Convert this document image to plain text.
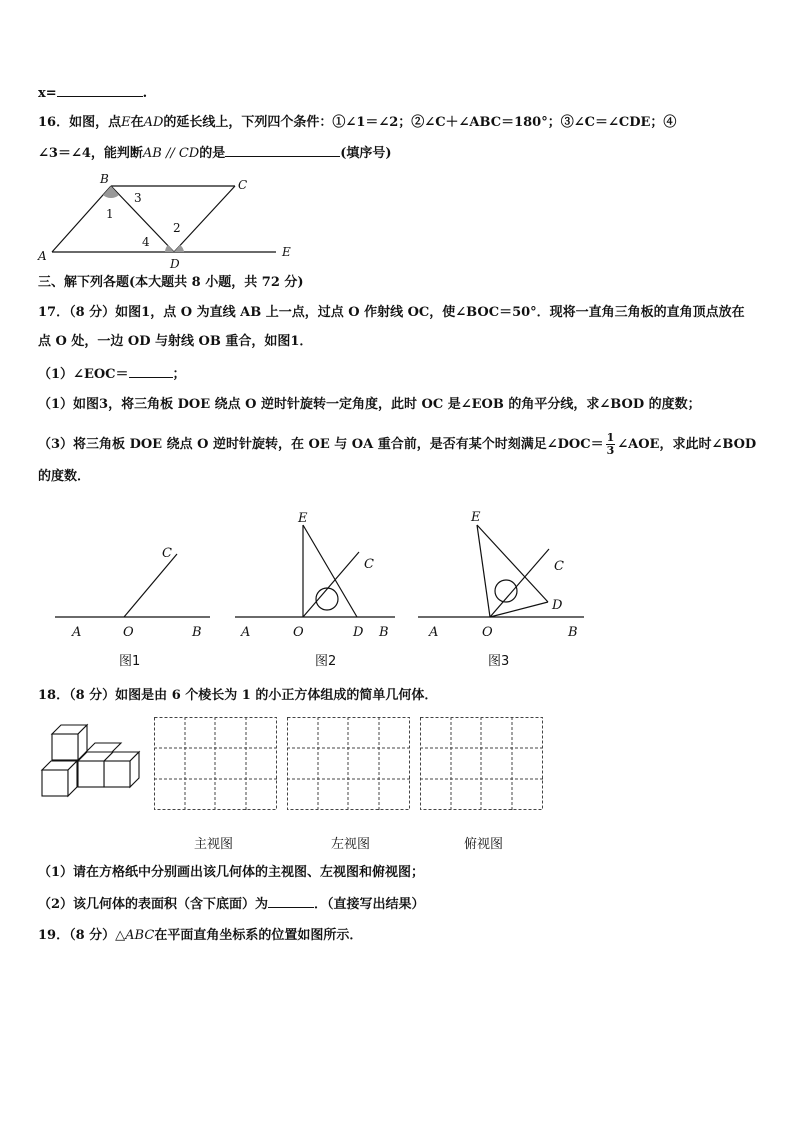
x=	.
16．如图，点E在AD的延长线上，下列四个条件：①∠1＝∠2；②∠C＋∠ABC＝180°；③∠C＝∠CDE；④
∠3＝∠4，能判断AB // CD的是	(填序号)
A
B	C
D
E
1
3
4
2
三、解下列各题(本大题共 8 小题，共 72 分)
17．（8 分）如图1，点 O 为直线 AB 上一点，过点 O 作射线 OC，使∠BOC＝50°．现将一直角三角板的直角顶点放在
点 O 处，一边 OD 与射线 OB 重合，如图1．
（1）∠EOC＝	；
（1）如图3，将三角板 DOE 绕点 O 逆时针旋转一定角度，此时 OC 是∠EOB 的角平分线，求∠BOD 的度数；
（3）将三角板 DOE 绕点 O 逆时针旋转，在 OE 与 OA 重合前，是否有某个时刻满足∠DOC＝ $\frac{1}{3}$ ∠AOE，求此时∠BOD
的度数．
A	O	B
C
图1
A	O	D B
C
E
图2
A	O	B
C
D
E
图3
18．（8 分）如图是由 6 个棱长为 1 的小正方体组成的简单几何体．
主视图	左视图	俯视图
（1）请在方格纸中分别画出该几何体的主视图、左视图和俯视图；
（2）该几何体的表面积（含下底面）为	．（直接写出结果）
19．（8 分）△ABC在平面直角坐标系的位置如图所示．
